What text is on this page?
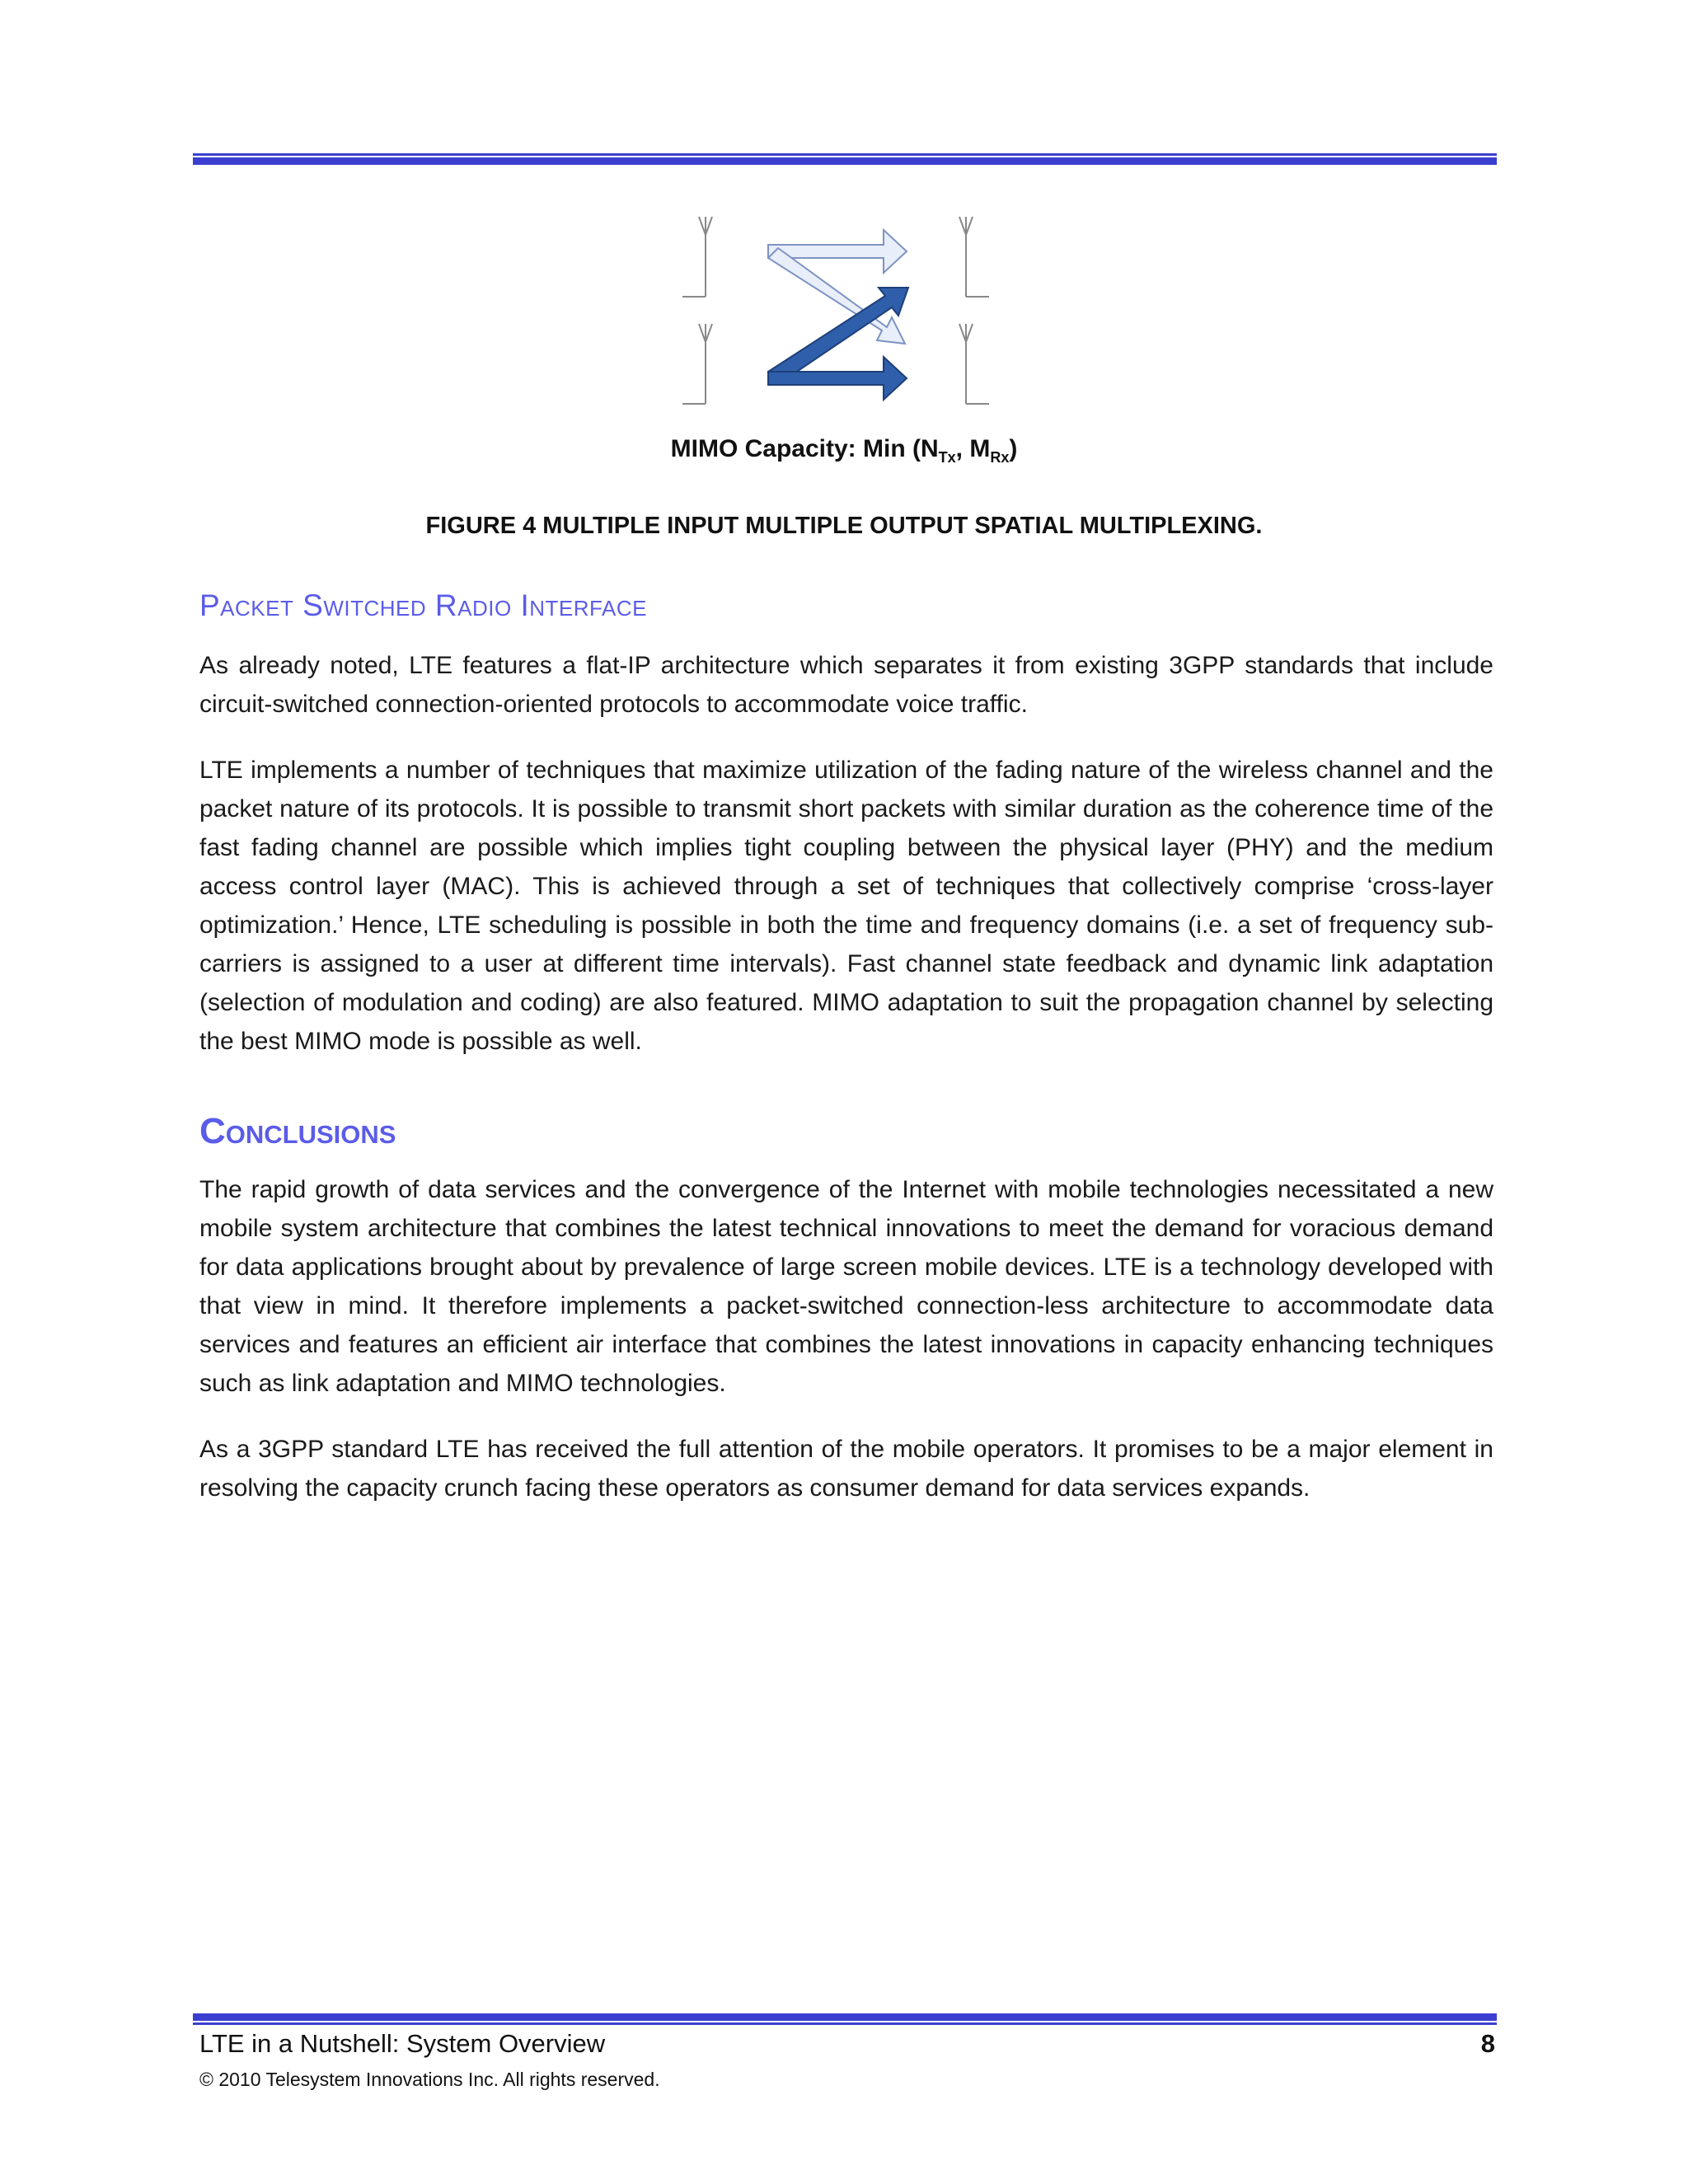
MIMO Capacity: Min ($N_{Tx}$, $M_{Rx}$)
FIGURE 4 MULTIPLE INPUT MULTIPLE OUTPUT SPATIAL MULTIPLEXING.
Packet Switched Radio Interface
As already noted, LTE features a flat-IP architecture which separates it from existing 3GPP standards that include circuit-switched connection-oriented protocols to accommodate voice traffic.
LTE implements a number of techniques that maximize utilization of the fading nature of the wireless channel and the packet nature of its protocols. It is possible to transmit short packets with similar duration as the coherence time of the fast fading channel are possible which implies tight coupling between the physical layer (PHY) and the medium access control layer (MAC). This is achieved through a set of techniques that collectively comprise ‘cross-layer optimization.’ Hence, LTE scheduling is possible in both the time and frequency domains (i.e. a set of frequency sub-carriers is assigned to a user at different time intervals). Fast channel state feedback and dynamic link adaptation (selection of modulation and coding) are also featured. MIMO adaptation to suit the propagation channel by selecting the best MIMO mode is possible as well.
Conclusions
The rapid growth of data services and the convergence of the Internet with mobile technologies necessitated a new mobile system architecture that combines the latest technical innovations to meet the demand for voracious demand for data applications brought about by prevalence of large screen mobile devices. LTE is a technology developed with that view in mind. It therefore implements a packet-switched connection-less architecture to accommodate data services and features an efficient air interface that combines the latest innovations in capacity enhancing techniques such as link adaptation and MIMO technologies.
As a 3GPP standard LTE has received the full attention of the mobile operators. It promises to be a major element in resolving the capacity crunch facing these operators as consumer demand for data services expands.
LTE in a Nutshell: System Overview	8
© 2010 Telesystem Innovations Inc. All rights reserved.
